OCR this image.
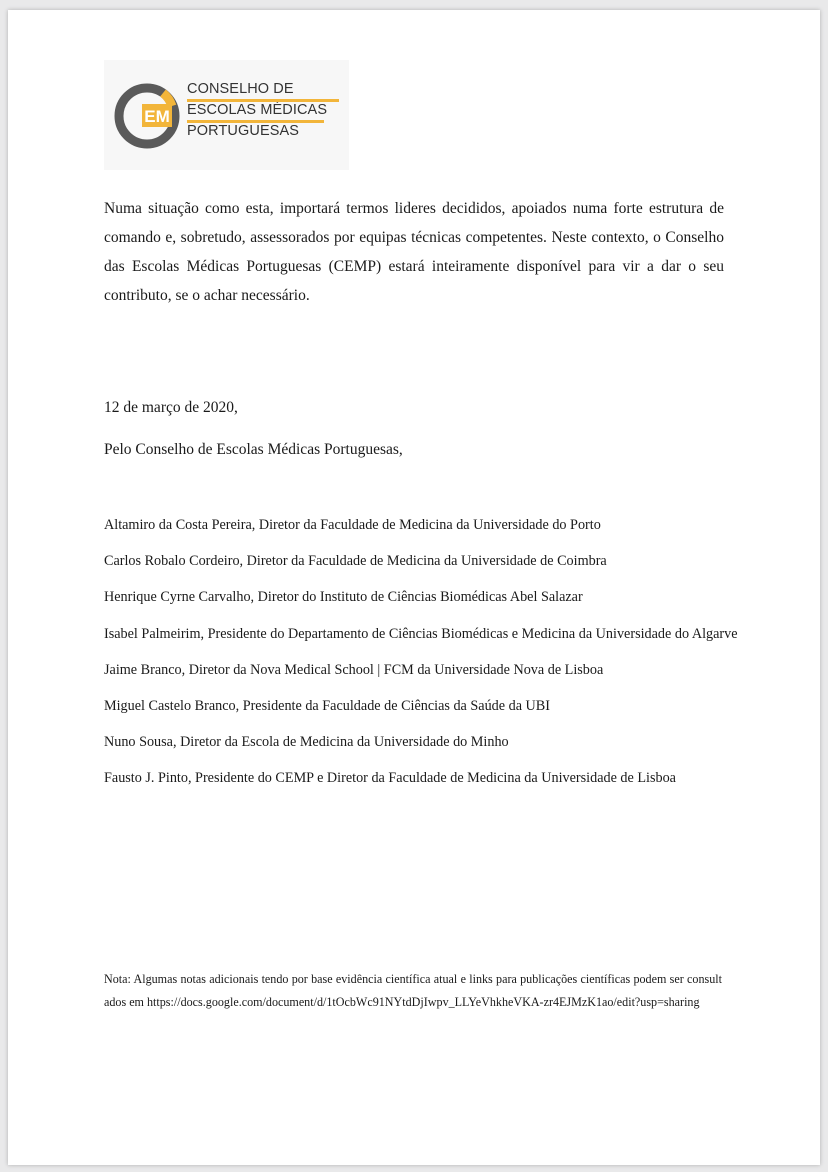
EM
CONSELHO DE
ESCOLAS MÉDICAS
PORTUGUESAS
Numa situação como esta, importará termos lideres decididos, apoiados numa forte estrutura de comando e, sobretudo, assessorados por equipas técnicas competentes. Neste contexto, o Conselho das Escolas Médicas Portuguesas (CEMP) estará inteiramente disponível para vir a dar o seu contributo, se o achar necessário.
12 de março de 2020,
Pelo Conselho de Escolas Médicas Portuguesas,
Altamiro da Costa Pereira, Diretor da Faculdade de Medicina da Universidade do Porto
Carlos Robalo Cordeiro, Diretor da Faculdade de Medicina da Universidade de Coimbra
Henrique Cyrne Carvalho, Diretor do Instituto de Ciências Biomédicas Abel Salazar
Isabel Palmeirim, Presidente do Departamento de Ciências Biomédicas e Medicina da Universidade do Algarve
Jaime Branco, Diretor da Nova Medical School | FCM da Universidade Nova de Lisboa
Miguel Castelo Branco, Presidente da Faculdade de Ciências da Saúde da UBI
Nuno Sousa, Diretor da Escola de Medicina da Universidade do Minho
Fausto J. Pinto, Presidente do CEMP e Diretor da Faculdade de Medicina da Universidade de Lisboa
Nota: Algumas notas adicionais tendo por base evidência científica atual e links para publicações científicas podem ser consultados em https://docs.google.com/document/d/1tOcbWc91NYtdDjIwpv_LLYeVhkheVKA-zr4EJMzK1ao/edit?usp=sharing
